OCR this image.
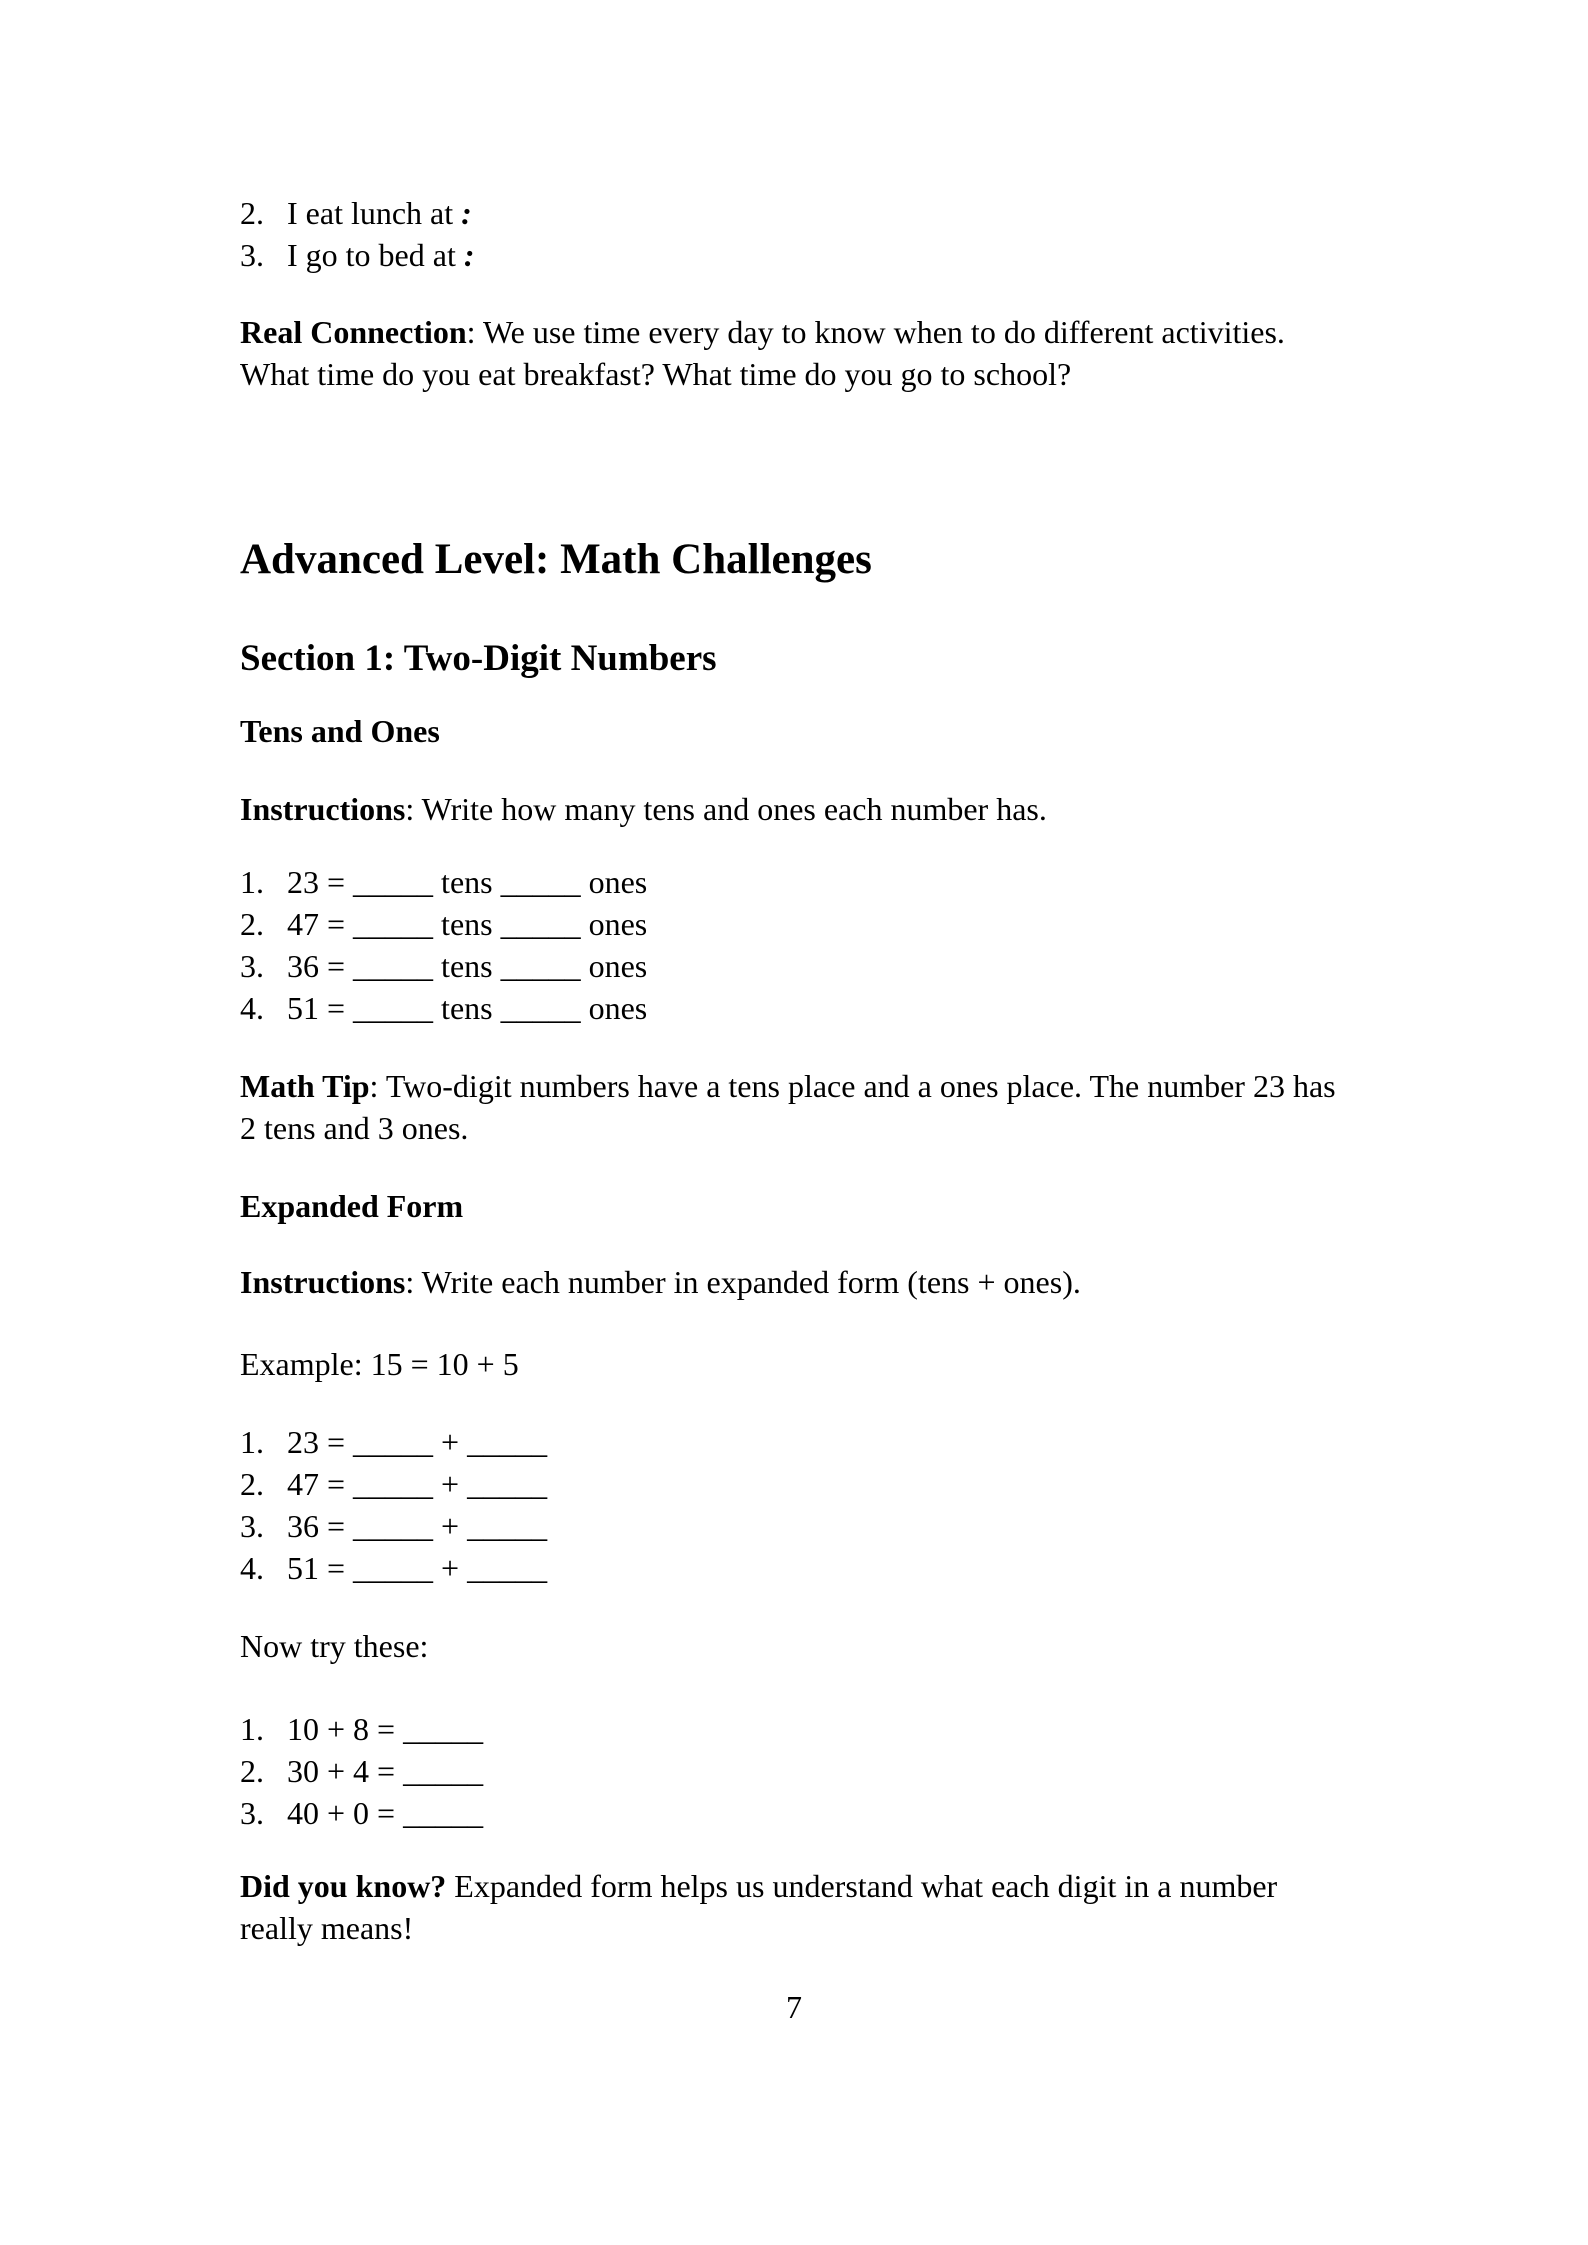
2. I eat lunch at :
3. I go to bed at :

Real Connection: We use time every day to know when to do different activities.
What time do you eat breakfast? What time do you go to school?

Advanced Level: Math Challenges
Section 1: Two-Digit Numbers
Tens and Ones

Instructions: Write how many tens and ones each number has.

1. 23 = _____ tens _____ ones
2. 47 = _____ tens _____ ones
3. 36 = _____ tens _____ ones
4. 51 = _____ tens _____ ones

Math Tip: Two-digit numbers have a tens place and a ones place. The number 23 has
2 tens and 3 ones.

Expanded Form

Instructions: Write each number in expanded form (tens + ones).

Example: 15 = 10 + 5

1. 23 = _____ + _____
2. 47 = _____ + _____
3. 36 = _____ + _____
4. 51 = _____ + _____

Now try these:

1. 10 + 8 = _____
2. 30 + 4 = _____
3. 40 + 0 = _____

Did you know? Expanded form helps us understand what each digit in a number
really means!

7
